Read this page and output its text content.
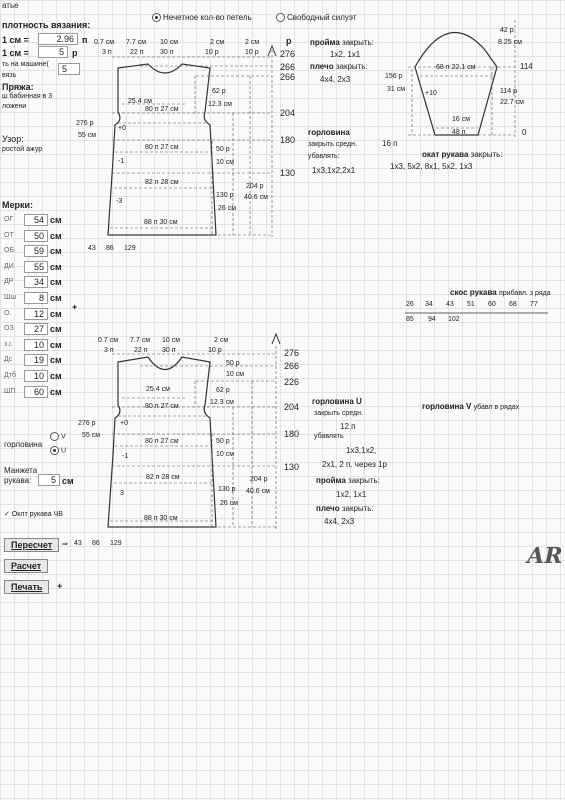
атье
Нечетное кол-во петель	Свободный силуэт
плотность вязания:
1 см =	2.96 п
1 см =	5 р
ть на машине(	5
вязь
Пряжа:
ш бабинная в 3
ложени
Узор:
ростой ажур
Мерки:
ОГ	54 см
ОТ	50 см
ОБ	59 см
ДИ	55 см
ДР	34 см
Шш	8 см
О.	12 см
ОЗ	27 см
з.г.	10 см
Дс	19 см
Дтб	10 см
ШП	60 см
+
43 86 129
горловина
V
U
Манжета
рукава:	5 см
✓ Оклт рукава ЧВ
Пересчет	⇒ 43 86 129
Расчет
Печать	+
0.7 см 7.7 см 10 см	2 см	2 см
3 п	22 п 30 п	10 р	10 р
р
276
266
266
204
180
130
25.4 см
80 п 27 см
62 р
12.3 см
80 п 27 см
82 п 28 см
88 п 30 см
50 р
10 см
130 р
26 см
204 р
40.6 см
276 р
55 см
+0
-1
-3
пройма закрыть:
1х2, 1х1
плечо закрыть:
4х4, 2х3
горловина
закрыть средн.
убавлять:
1х3,1х2,2х1
16 п
42 р
8.25 см
114
0
68 п 22.1 см
156 р
31 см
+10	114 р
22.7 см
16 см
48 п
окат рукава закрыть:
1х3, 5х2, 8х1, 5х2, 1х3
скос рукава прибавл. з ряда
26 34 43 51 60 68 77
85 94 102
0.7 см 7.7 см 10 см	2 см
3 п	22 п 30 п	10 р	276
266
226
204
180
130
50 р
10 см
25.4 см
80 п 27 см
62 р
12.3 см
80 п 27 см
82 п 28 см
88 п 30 см
50 р
10 см
130 р
26 см
204 р
40.6 см
276 р
55 см
+0
-1
3
горловина U
закрыть средн.
12 п
убавлять
1х3,1х2,
2х1, 2 п. через 1р
горловина V убавл в рядах
пройма закрыть:
1х2, 1х1
плечо закрыть:
4х4, 2х3
AR
